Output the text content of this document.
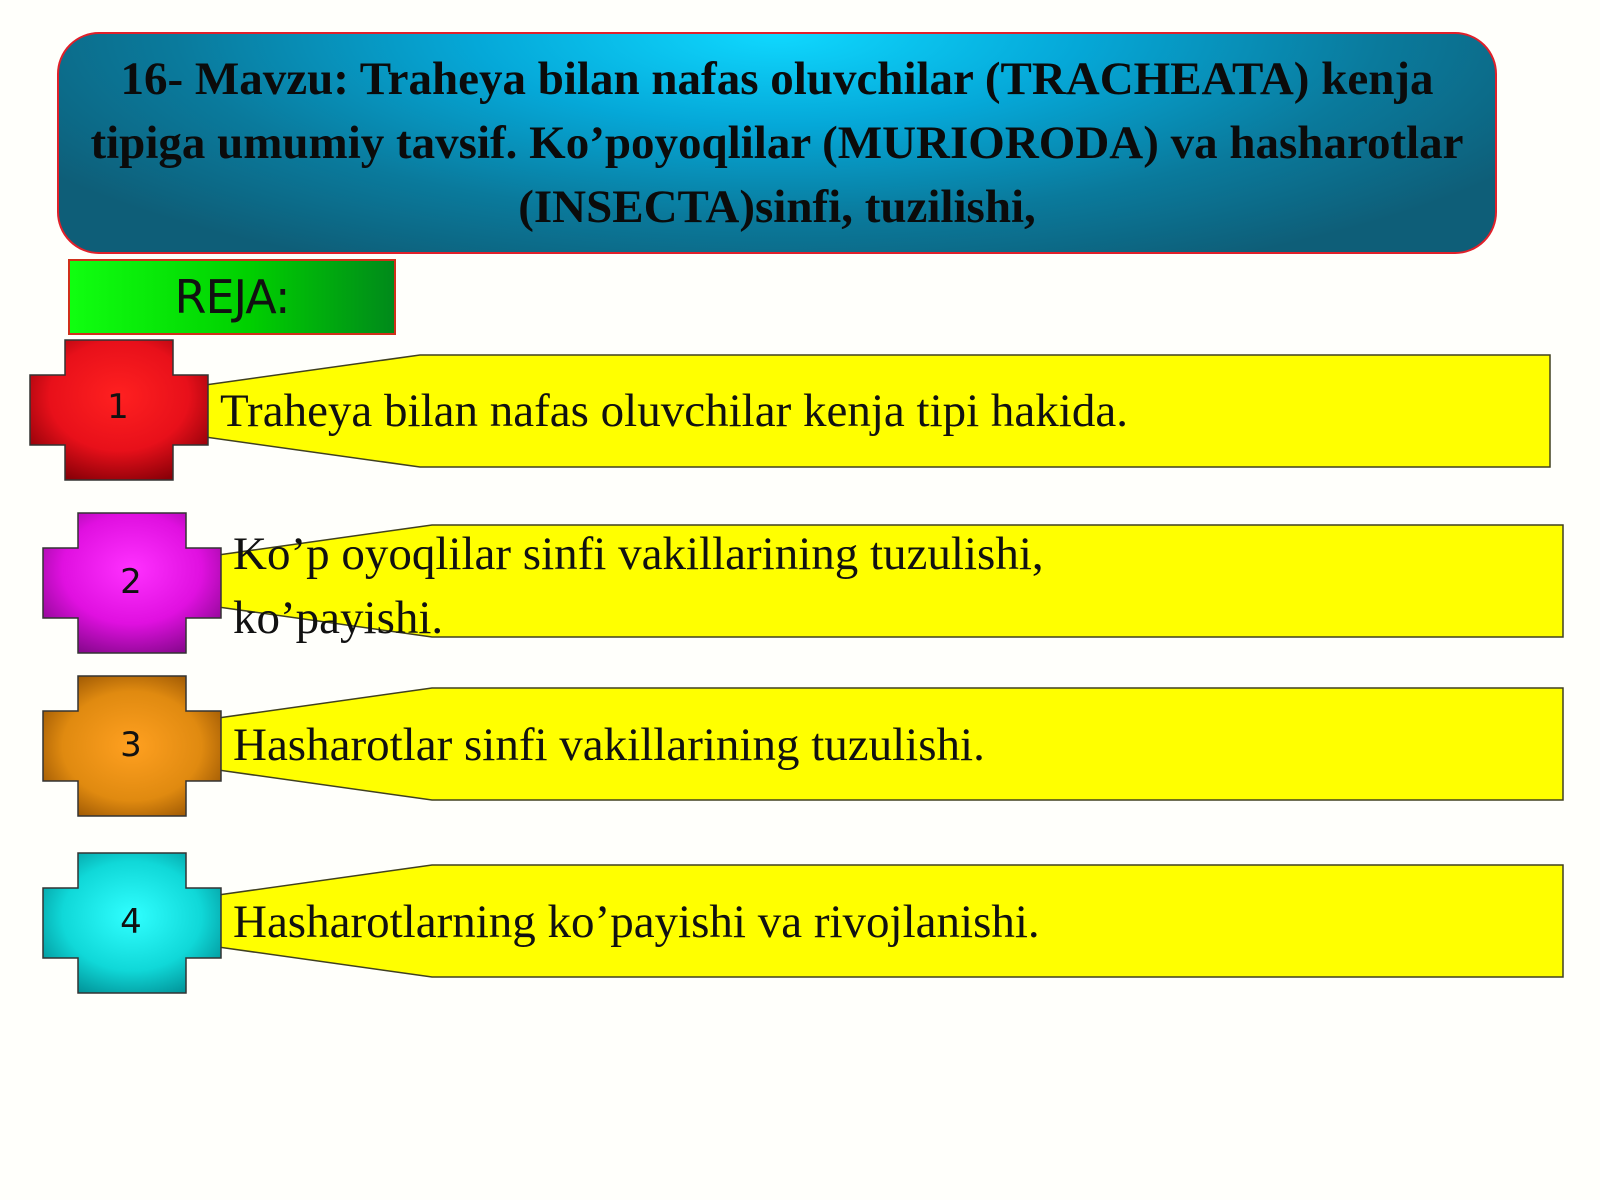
16- Mavzu: Traheya bilan nafas oluvchilar (TRACHEATA) kenja tipiga umumiy tavsif. Ko’poyoqlilar (MURIORODA) va hasharotlar (INSECTA)sinfi, tuzilishi,

REJA:
1 Traheya bilan nafas oluvchilar kenja tipi hakida.

2

Ko’p oyoqlilar sinfi vakillarining tuzulishi, ko’payishi.

3 Hasharotlar sinfi vakillarining tuzulishi.

4 Hasharotlarning ko’payishi va rivojlanishi.
